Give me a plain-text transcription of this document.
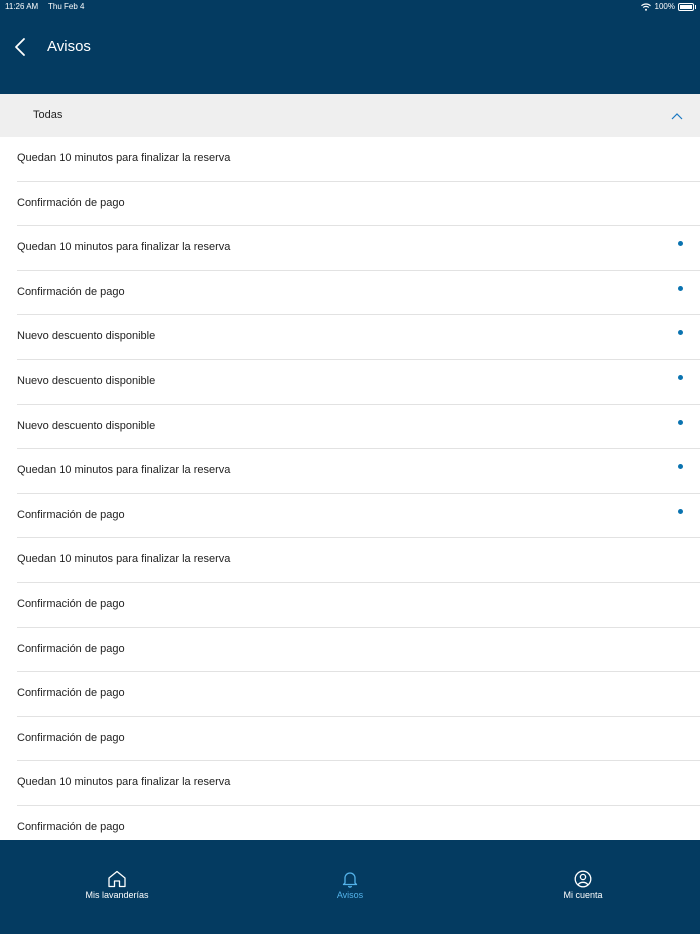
11:26 AM Thu Feb 4	100%
Avisos
Todas
Quedan 10 minutos para finalizar la reserva
Confirmación de pago
Quedan 10 minutos para finalizar la reserva
Confirmación de pago
Nuevo descuento disponible
Nuevo descuento disponible
Nuevo descuento disponible
Quedan 10 minutos para finalizar la reserva
Confirmación de pago
Quedan 10 minutos para finalizar la reserva
Confirmación de pago
Confirmación de pago
Confirmación de pago
Confirmación de pago
Quedan 10 minutos para finalizar la reserva
Confirmación de pago
Mis lavanderías	Avisos	Mi cuenta
